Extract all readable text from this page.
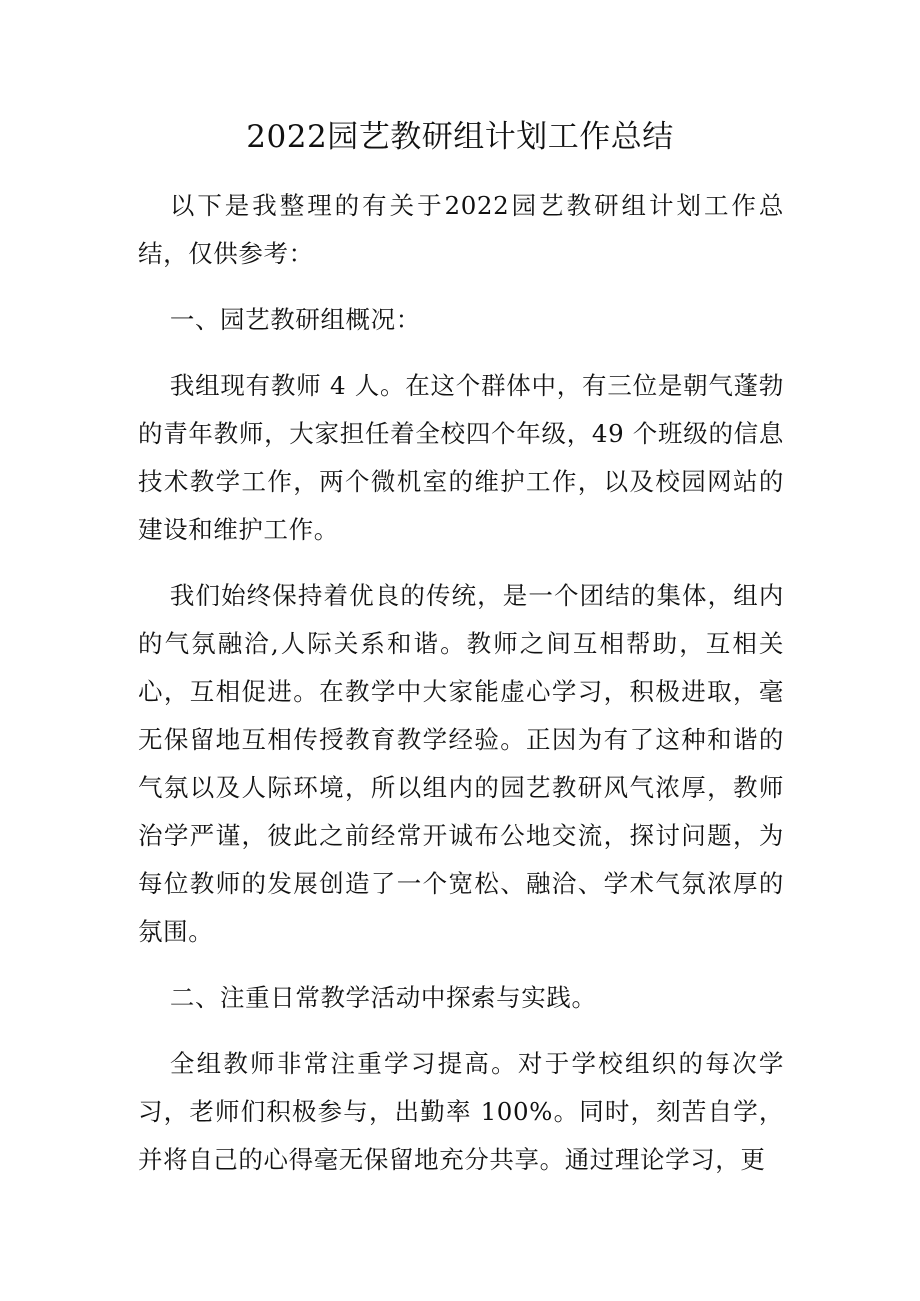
2022园艺教研组计划工作总结

以下是我整理的有关于2022园艺教研组计划工作总结，仅供参考：

一、园艺教研组概况：

我组现有教师 4 人。在这个群体中，有三位是朝气蓬勃的青年教师，大家担任着全校四个年级，49 个班级的信息技术教学工作，两个微机室的维护工作，以及校园网站的建设和维护工作。

我们始终保持着优良的传统，是一个团结的集体，组内的气氛融洽,人际关系和谐。教师之间互相帮助，互相关心，互相促进。在教学中大家能虚心学习，积极进取，毫无保留地互相传授教育教学经验。正因为有了这种和谐的气氛以及人际环境，所以组内的园艺教研风气浓厚，教师治学严谨，彼此之前经常开诚布公地交流，探讨问题，为每位教师的发展创造了一个宽松、融洽、学术气氛浓厚的氛围。

二、注重日常教学活动中探索与实践。

全组教师非常注重学习提高。对于学校组织的每次学习，老师们积极参与，出勤率 100%。同时，刻苦自学，并将自己的心得毫无保留地充分共享。通过理论学习，更
